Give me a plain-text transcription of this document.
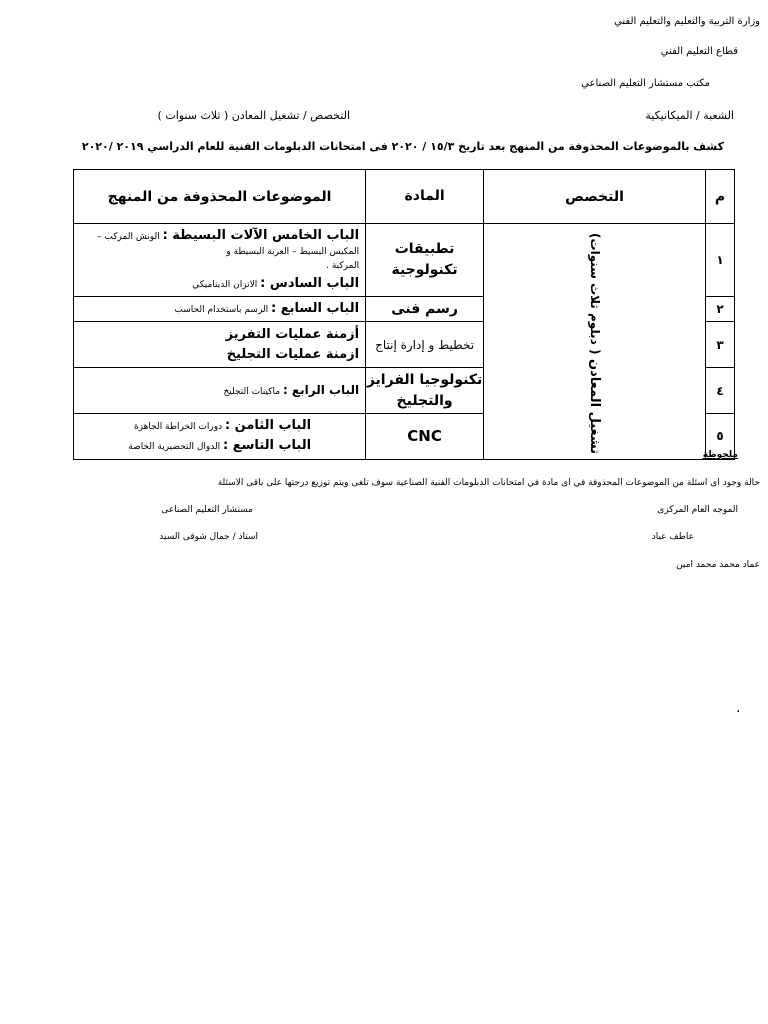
وزارة التربية والتعليم والتعليم الفني
قطاع التعليم الفني
مكتب مستشار التعليم الصناعي
الشعبة / الميكانيكية
التخصص / تشغيل المعادن ( ثلاث سنوات )
كشف بالموضوعات المحذوفة من المنهج بعد تاريخ ١٥/٣ / ٢٠٢٠ فى امتحانات الدبلومات الفنية للعام الدراسي ٢٠١٩ /٢٠٢٠
م	التخصص	المادة	الموضوعات المحذوفة من المنهج
١	تشغيل المعادن ( دبلوم ثلاث سنوات)	تطبيقات تكنولوجية	الباب الخامس الآلات البسيطة : الونش المركب – المكبس البسيط – العربة البسيطة و
المركبة .
الباب السادس : الاتزان الديناميكي

٢		رسم فنى	الباب السابع : الرسم باستخدام الحاسب
٣		تخطيط و إدارة إنتاج	أزمنة عمليات التفريز
ازمنة عمليات التجليخ

٤		تكنولوجيا الفرايز والتجليخ	الباب الرابع : ماكينات التجليخ
٥		CNC	الباب الثامن : دورات الخراطة الجاهزة
الباب التاسع : الدوال التحضيرية الخاصة
ملحوظة
حالة وجود اى اسئلة من الموضوعات المحذوفة في اى مادة في امتحانات الدبلومات الفنية الصناعية سوف تلغى ويتم توزيع درجتها على باقى الاسئلة
الموجه العام المركزى
مستشار التعليم الصناعى
عاطف عباد
استاذ / جمال شوقى السيد
عماد محمد محمد امين
.
